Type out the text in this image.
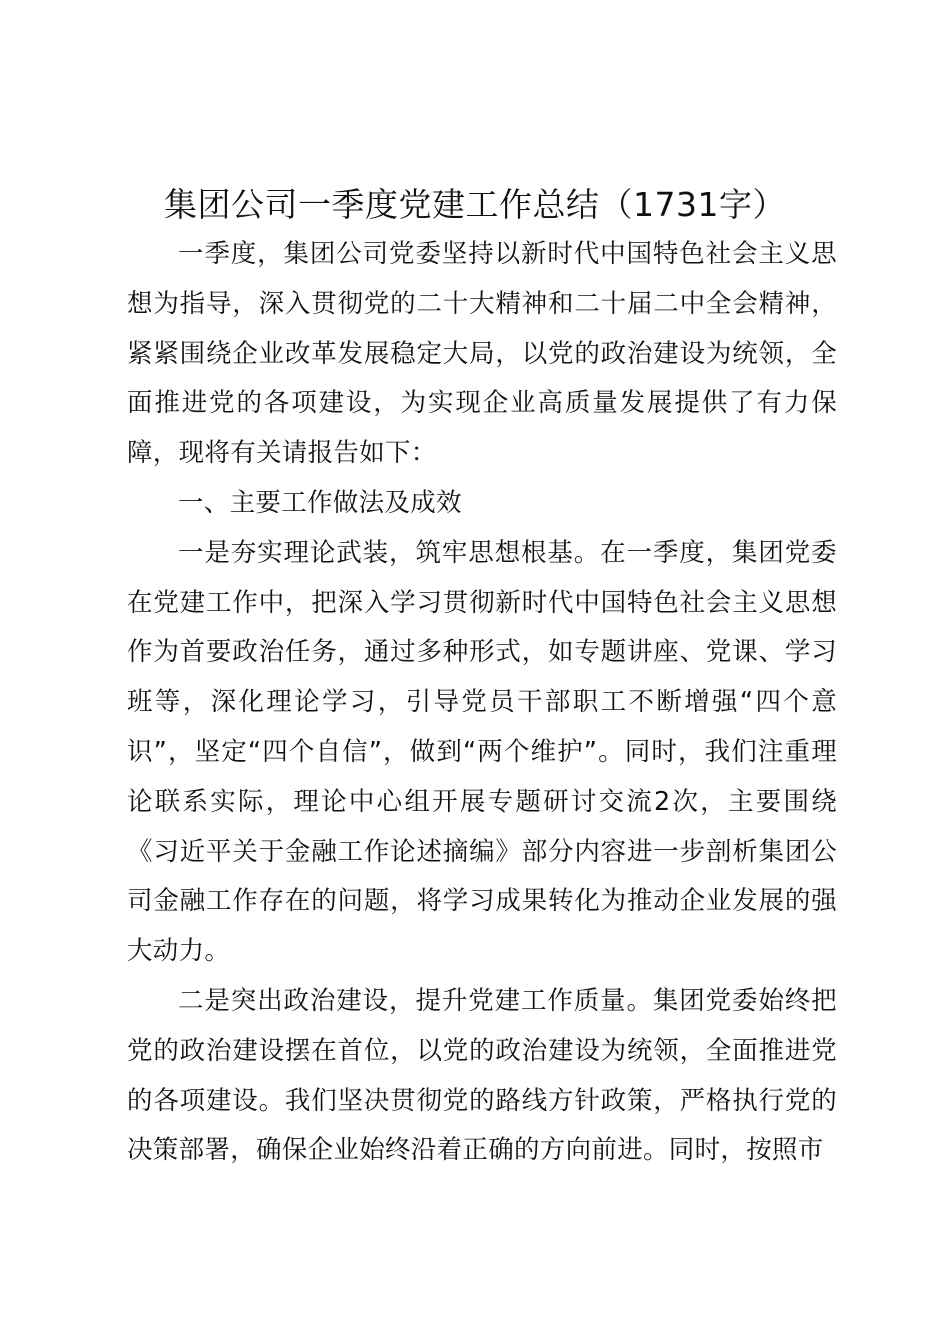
集团公司一季度党建工作总结（1731字）

一季度，集团公司党委坚持以新时代中国特色社会主义思想为指导，深入贯彻党的二十大精神和二十届二中全会精神，紧紧围绕企业改革发展稳定大局，以党的政治建设为统领，全面推进党的各项建设，为实现企业高质量发展提供了有力保障，现将有关请报告如下：

一、主要工作做法及成效

一是夯实理论武装，筑牢思想根基。在一季度，集团党委在党建工作中，把深入学习贯彻新时代中国特色社会主义思想作为首要政治任务，通过多种形式，如专题讲座、党课、学习班等，深化理论学习，引导党员干部职工不断增强“四个意识”，坚定“四个自信”，做到“两个维护”。同时，我们注重理论联系实际，理论中心组开展专题研讨交流2次，主要围绕《习近平关于金融工作论述摘编》部分内容进一步剖析集团公司金融工作存在的问题，将学习成果转化为推动企业发展的强大动力。

二是突出政治建设，提升党建工作质量。集团党委始终把党的政治建设摆在首位，以党的政治建设为统领，全面推进党的各项建设。我们坚决贯彻党的路线方针政策，严格执行党的决策部署，确保企业始终沿着正确的方向前进。同时，按照市
